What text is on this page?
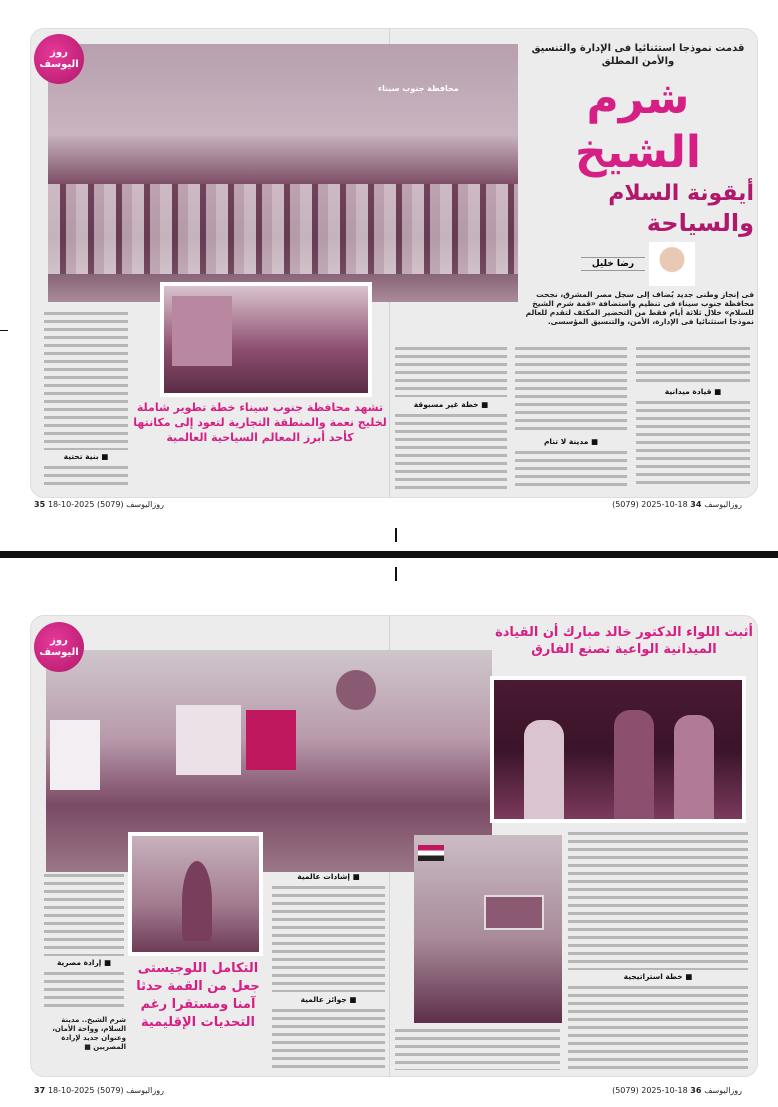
محافظة جنوب سيناء
روز اليوسف
قدمت نموذجا استثنائيا فى الإدارة والتنسيق والأمن المطلق
شرم الشيخ
أيقونة السلام
والسياحة
رضا خليل
فى إنجاز وطنى جديد يُضاف إلى سجل مصر المشرق، نجحت محافظة جنوب سيناء فى تنظيم واستضافة «قمة شرم الشيخ للسلام» خلال ثلاثة أيام فقط من التحضير المكثف لتقدم للعالم نموذجا استثنائيا فى الإدارة، الأمن، والتنسيق المؤسسى.
تشهد محافظة جنوب سيناء خطة تطوير شاملة لخليج نعمة والمنطقة التجارية لتعود إلى مكانتها كأحد أبرز المعالم السياحية العالمية
■ بنية تحتية
■ خطة غير مسبوقة
■ مدينة لا تنام
■ قيادة ميدانية
35 روزاليوسف (5079) 2025-10-18	(5079) 2025-10-18 روزاليوسف 34
أثبت اللواء الدكتور خالد مبارك أن القيادة الميدانية الواعية تصنع الفارق
روز اليوسف
التكامل اللوجيستى جعل من القمة حدثا آمنا ومستقرا رغم التحديات الإقليمية
■ إرادة مصرية
شرم الشيخ.. مدينة السلام، وواحة الأمان، وعنوان جديد لإرادة المصريين ■
■ إشادات عالمية
■ جوائز عالمية
■ خطة استراتيجية
37 روزاليوسف (5079) 2025-10-18	(5079) 2025-10-18 روزاليوسف 36
